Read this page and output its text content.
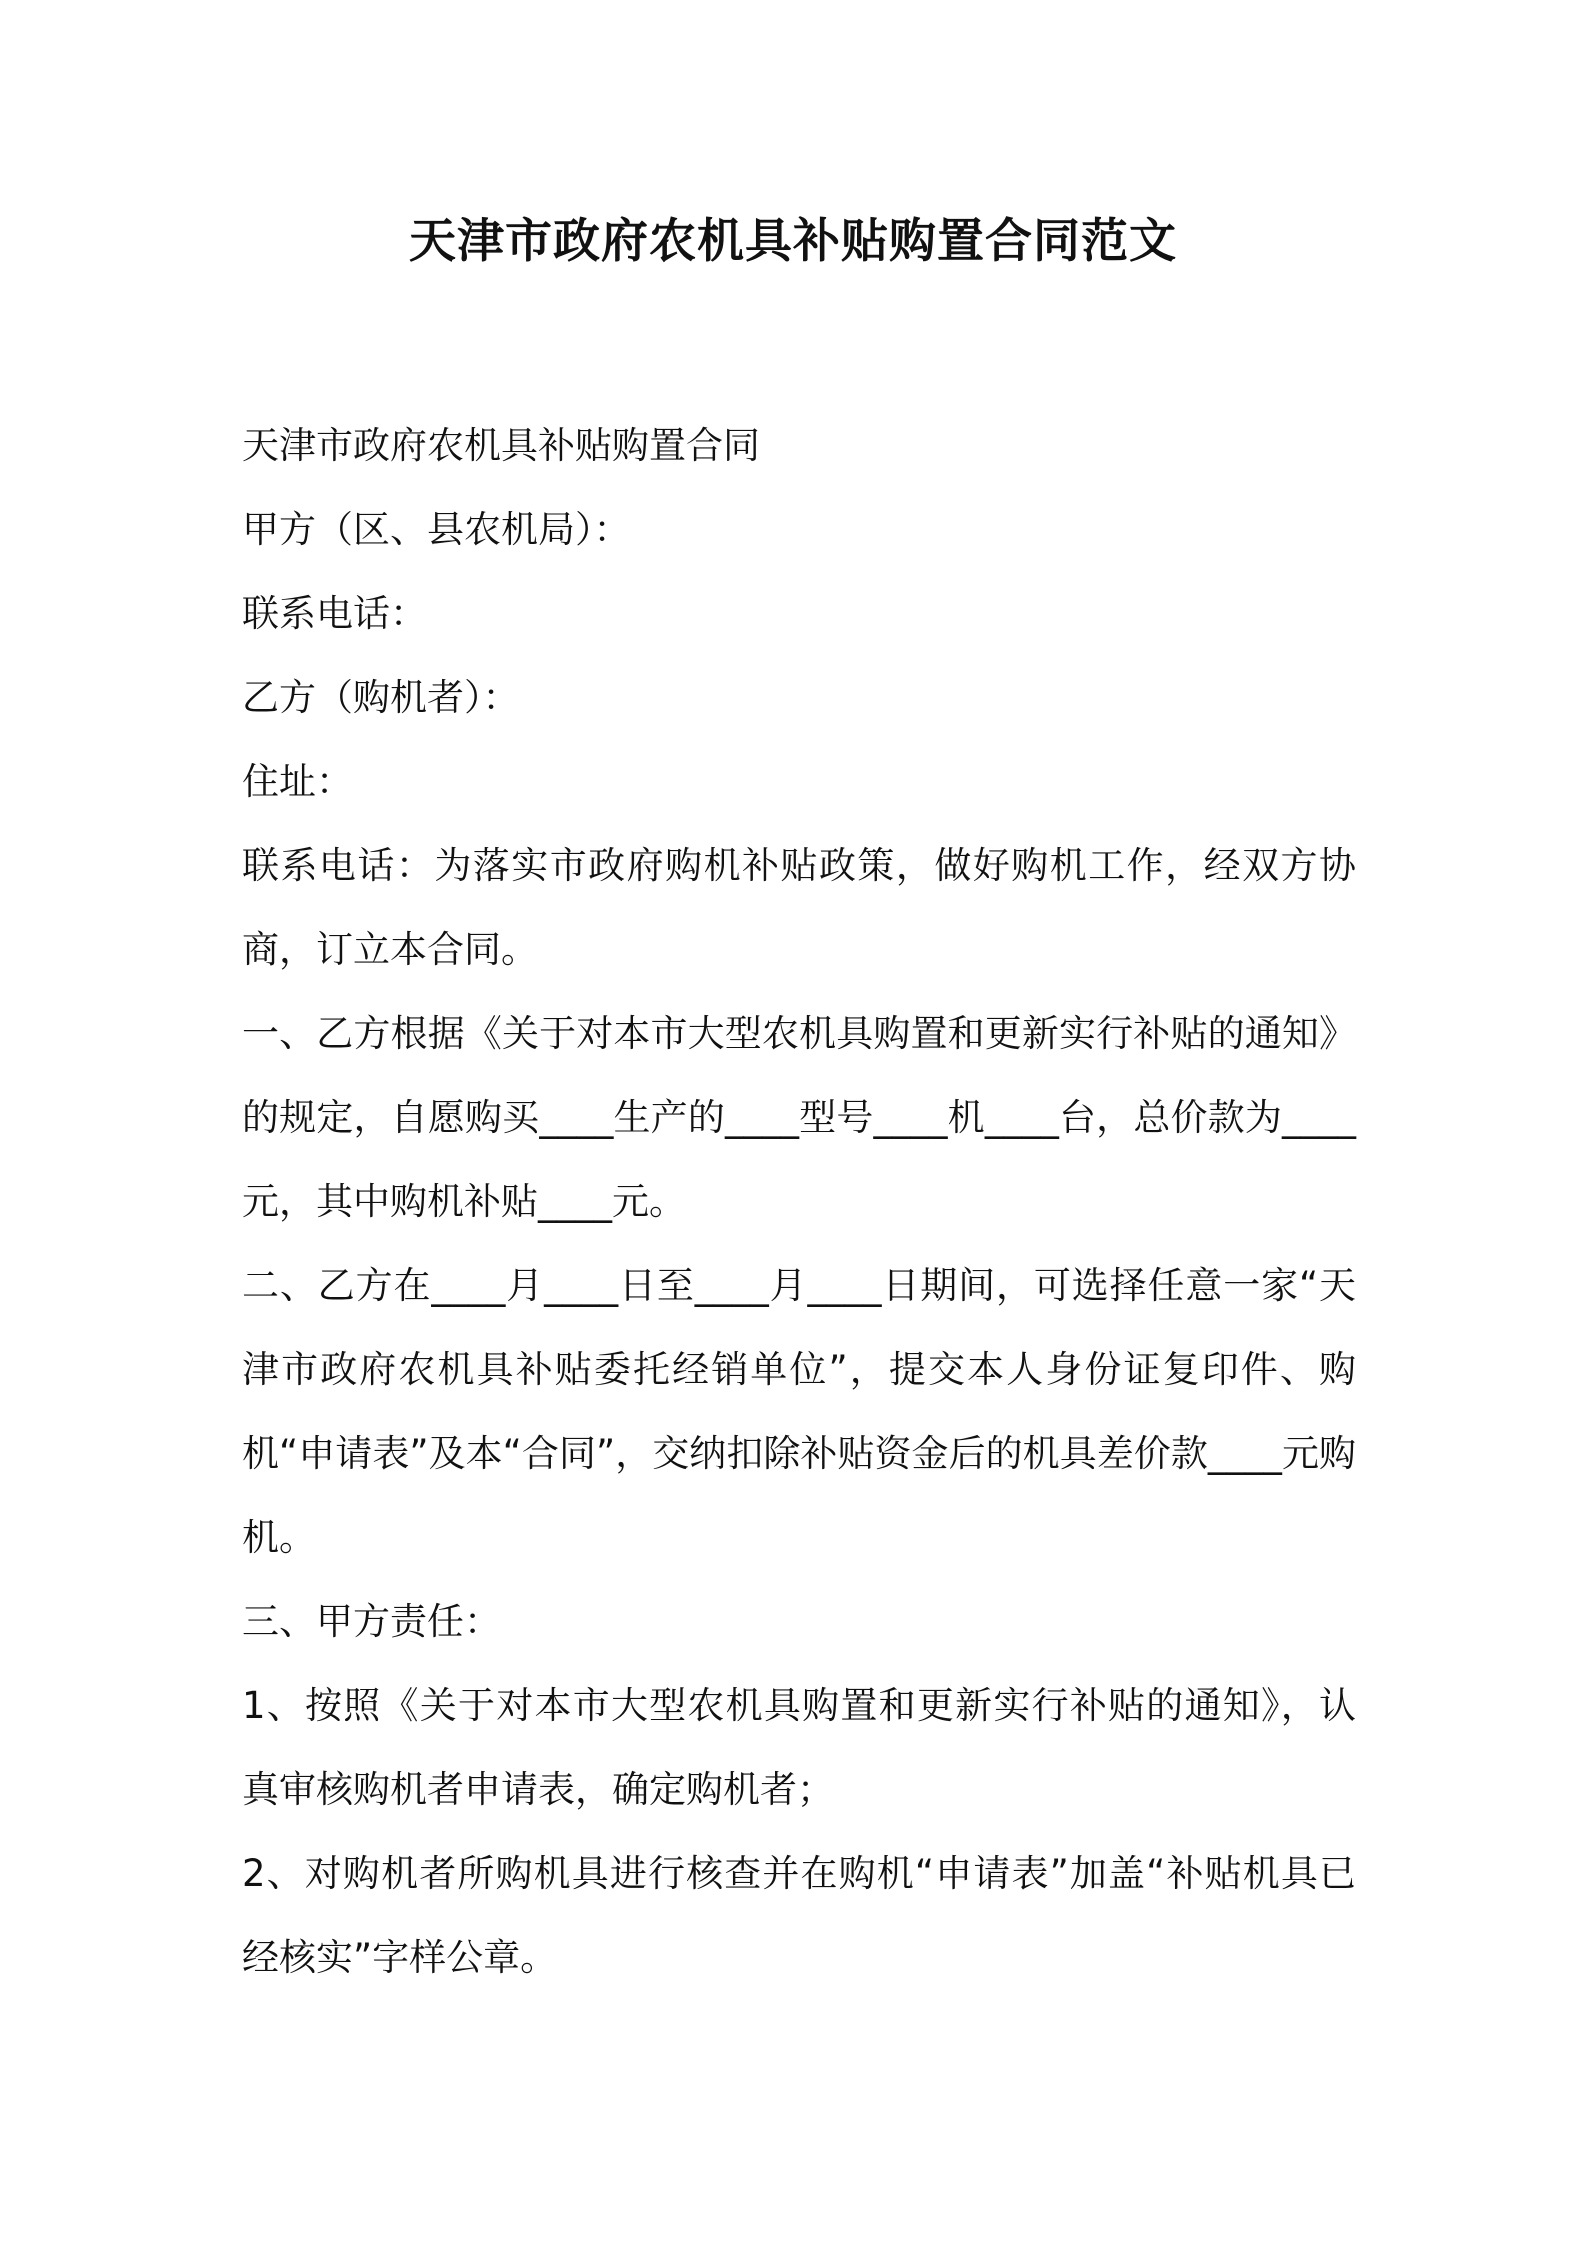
天津市政府农机具补贴购置合同范文

天津市政府农机具补贴购置合同

甲方（区、县农机局）：

联系电话：

乙方（购机者）：

住址：

联系电话：为落实市政府购机补贴政策，做好购机工作，经双方协商，订立本合同。

一、乙方根据《关于对本市大型农机具购置和更新实行补贴的通知》的规定，自愿购买____生产的____型号____机____台，总价款为____元，其中购机补贴____元。

二、乙方在____月____日至____月____日期间，可选择任意一家“天津市政府农机具补贴委托经销单位”，提交本人身份证复印件、购机“申请表”及本“合同”，交纳扣除补贴资金后的机具差价款____元购机。

三、甲方责任：

1、按照《关于对本市大型农机具购置和更新实行补贴的通知》，认真审核购机者申请表，确定购机者；

2、对购机者所购机具进行核查并在购机“申请表”加盖“补贴机具已经核实”字样公章。
